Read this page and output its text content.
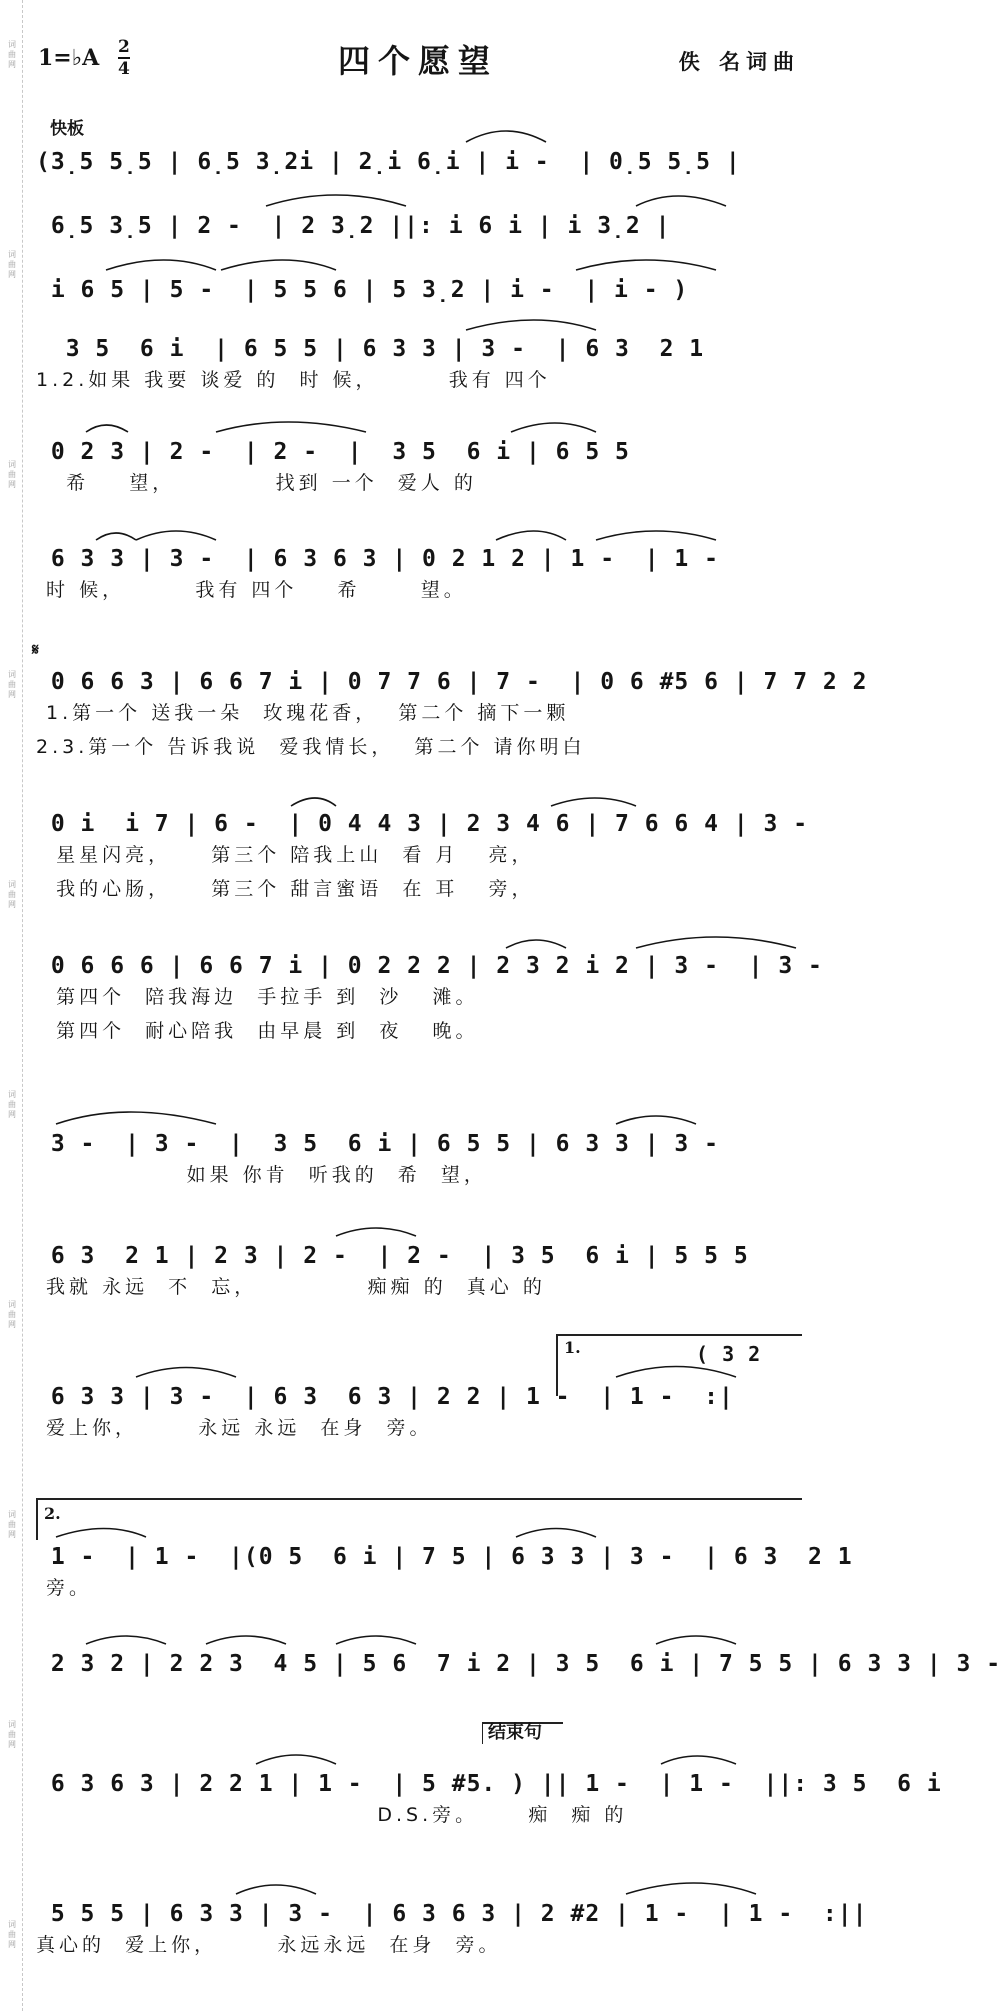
词曲网
词曲网
词曲网
词曲网
词曲网
词曲网
词曲网
词曲网
词曲网
词曲网
1=♭A 2
4	四个愿望	佚 名词曲
快板
(3̣5 5̣5 | 6̣5 3̣2i | 2̣i 6̣i | i -  | 0̣5 5̣5 |
6̣5 3̣5 | 2 -  | 2 3̣2 ||: i 6 i | i 3̣2 |
i 6 5 | 5 -  | 5 5 6 | 5 3̣2 | i -  | i - )
3 5  6 i  | 6 5 5 | 6 3 3 | 3 -  | 6 3  2 1
1.2.如果 我要 谈爱 的  时 候，       我有 四个
0 2 3 | 2 -  | 2 -  |  3 5  6 i | 6 5 5
希    望，          找到 一个  爱人 的
6 3 3 | 3 -  | 6 3 6 3 | 0 2 1 2 | 1 -  | 1 -
时 候，       我有 四个    希      望。
𝄋
0 6 6 3 | 6 6 7 i | 0 7 7 6 | 7 -  | 0 6 #5 6 | 7 7 2 2
1.第一个 送我一朵  玫瑰花香，  第二个 摘下一颗
2.3.第一个 告诉我说  爱我情长，  第二个 请你明白
0 i  i 7 | 6 -  | 0 4 4 3 | 2 3 4 6 | 7 6 6 4 | 3 -
星星闪亮，    第三个 陪我上山  看 月   亮，
我的心肠，    第三个 甜言蜜语  在 耳   旁，
0 6 6 6 | 6 6 7 i | 0 2 2 2 | 2 3 2 i 2 | 3 -  | 3 -
第四个  陪我海边  手拉手 到  沙   滩。
第四个  耐心陪我  由早晨 到  夜   晚。
3 -  | 3 -  |  3 5  6 i | 6 5 5 | 6 3 3 | 3 -
如果 你肯  听我的  希  望，
6 3  2 1 | 2 3 | 2 -  | 2 -  | 3 5  6 i | 5 5 5
我就 永远  不  忘，           痴痴 的  真心 的
1.	( 3 2
6 3 3 | 3 -  | 6 3  6 3 | 2 2 | 1 -  | 1 -  :|
爱上你，      永远 永远  在身  旁。
2.
1 -  | 1 -  |(0 5  6 i | 7 5 | 6 3 3 | 3 -  | 6 3  2 1
旁。
2 3 2 | 2 2 3  4 5 | 5 6  7 i 2 | 3 5  6 i | 7 5 5 | 6 3 3 | 3 -
结束句
6 3 6 3 | 2 2 1 | 1 -  | 5 #5. ) || 1 -  | 1 -  ||: 3 5  6 i
D.S.旁。     痴  痴 的
5 5 5 | 6 3 3 | 3 -  | 6 3 6 3 | 2 #2 | 1 -  | 1 -  :||
真心的  爱上你，      永远永远  在身  旁。
